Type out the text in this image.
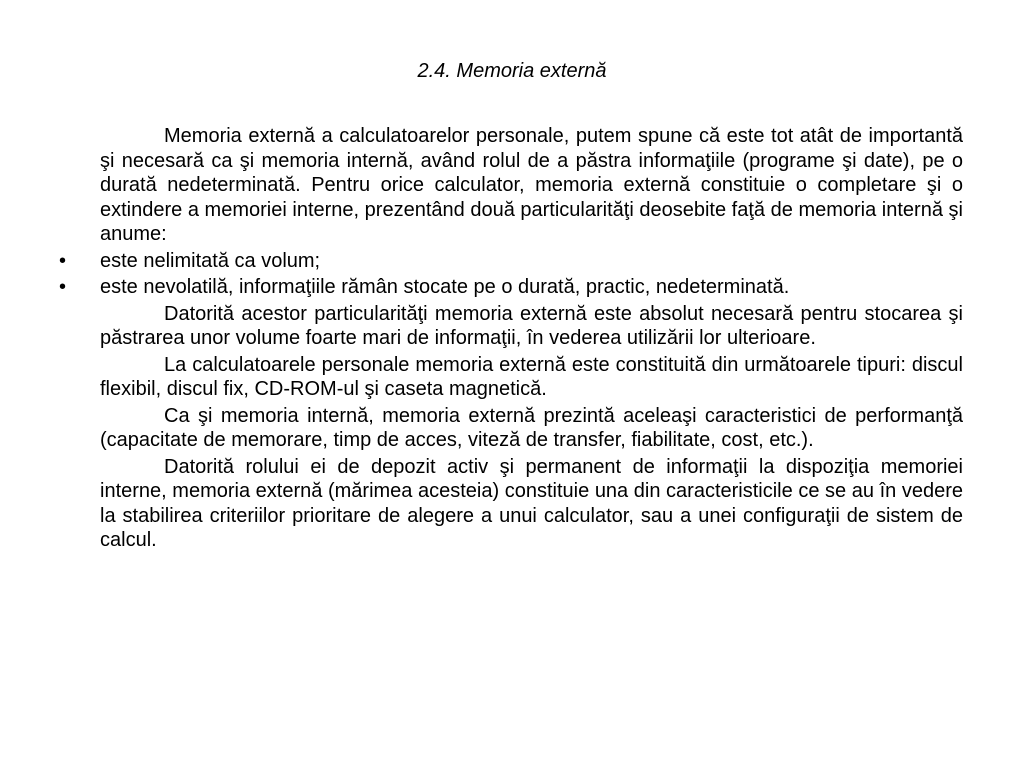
2.4. Memoria externă

Memoria externă a calculatoarelor personale, putem spune că este tot atât de importantă şi necesară ca şi memoria internă, având rolul de a păstra informaţiile (programe şi date), pe o durată nedeterminată. Pentru orice calculator, memoria externă constituie o completare şi o extindere a memoriei interne, prezentând două particularităţi deosebite faţă de memoria internă şi anume:

• este nelimitată ca volum;
• este nevolatilă, informaţiile rămân stocate pe o durată, practic, nedeterminată.

Datorită acestor particularităţi memoria externă este absolut necesară pentru stocarea şi păstrarea unor volume foarte mari de informaţii, în vederea utilizării lor ulterioare.

La calculatoarele personale memoria externă este constituită din următoarele tipuri: discul flexibil, discul fix, CD-ROM-ul şi caseta magnetică.

Ca şi memoria internă, memoria externă prezintă aceleaşi caracteristici de performanţă (capacitate de memorare, timp de acces, viteză de transfer, fiabilitate, cost, etc.).

Datorită rolului ei de depozit activ şi permanent de informaţii la dispoziţia memoriei interne, memoria externă (mărimea acesteia) constituie una din caracteristicile ce se au în vedere la stabilirea criteriilor prioritare de alegere a unui calculator, sau a unei configuraţii de sistem de calcul.
